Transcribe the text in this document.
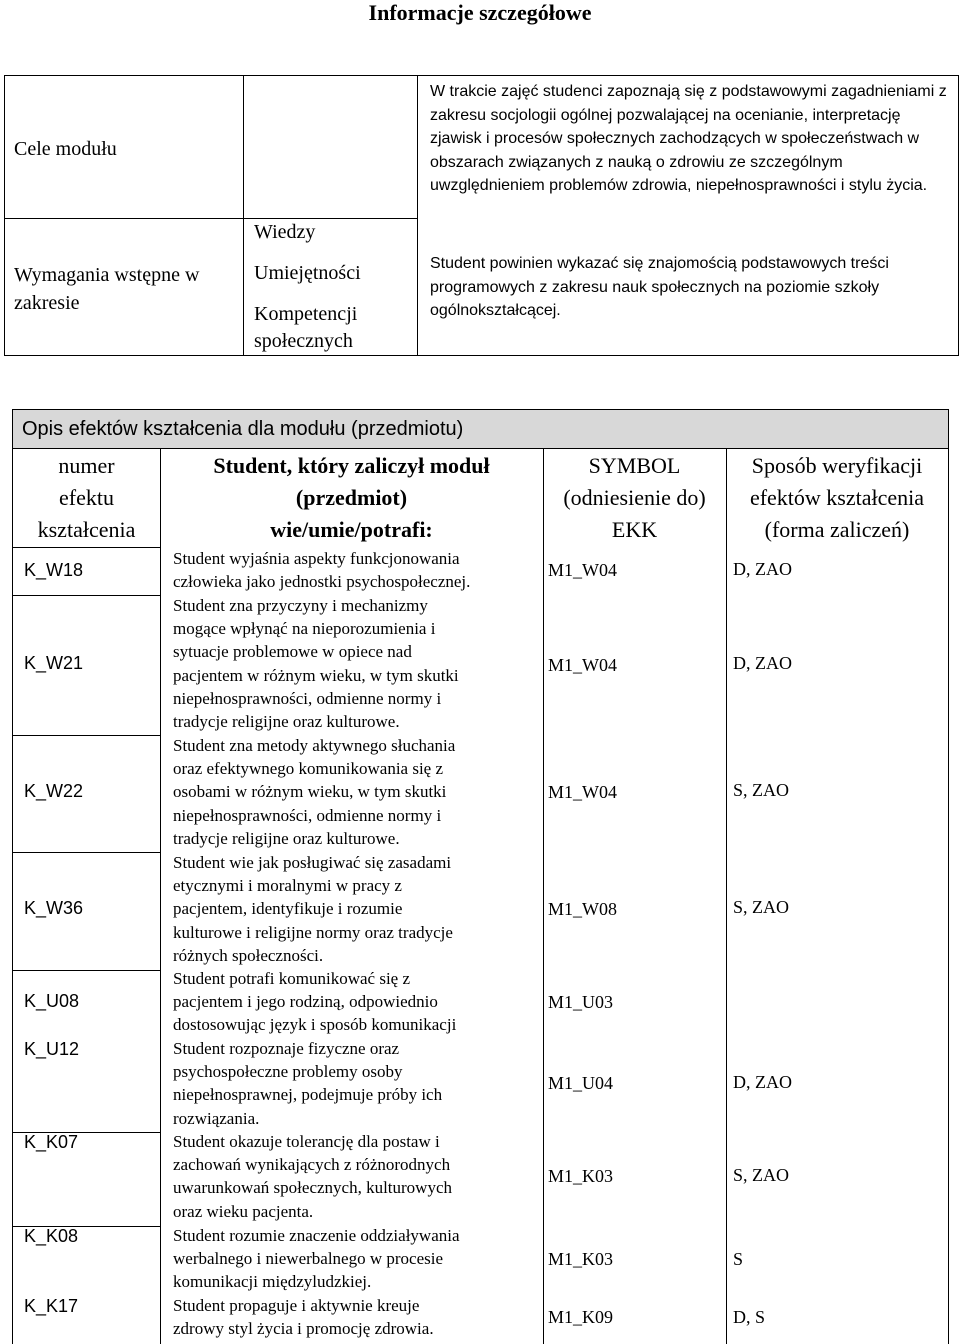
Informacje szczegółowe
Cele modułu
W trakcie zajęć studenci zapoznają się z podstawowymi zagadnieniami z zakresu socjologii ogólnej pozwalającej na ocenianie, interpretację zjawisk i procesów społecznych zachodzących w społeczeństwach w obszarach związanych z nauką o zdrowiu ze szczególnym uwzględnieniem problemów zdrowia, niepełnosprawności i stylu życia.
Wymagania wstępne w zakresie
Wiedzy
Umiejętności
Kompetencji społecznych
Student powinien wykazać się znajomością podstawowych treści programowych z zakresu nauk społecznych na poziomie szkoły ogólnokształcącej.
Opis efektów kształcenia dla modułu (przedmiotu)
numer
efektu
kształcenia
Student, który zaliczył moduł
(przedmiot)
wie/umie/potrafi:
SYMBOL
(odniesienie do)
EKK
Sposób weryfikacji
efektów kształcenia
(forma zaliczeń)
K_W18
Student wyjaśnia aspekty funkcjonowania
człowieka jako jednostki psychospołecznej.
M1_W04	D, ZAO
K_W21
Student zna przyczyny i mechanizmy
mogące wpłynąć na nieporozumienia i
sytuacje problemowe w opiece nad
pacjentem w różnym wieku, w tym skutki
niepełnosprawności, odmienne normy i
tradycje religijne oraz kulturowe.
M1_W04	D, ZAO
K_W22
Student zna metody aktywnego słuchania
oraz efektywnego komunikowania się z
osobami w różnym wieku, w tym skutki
niepełnosprawności, odmienne normy i
tradycje religijne oraz kulturowe.
M1_W04	S, ZAO
K_W36
Student wie jak posługiwać się zasadami
etycznymi i moralnymi w pracy z
pacjentem, identyfikuje i rozumie
kulturowe i religijne normy oraz tradycje
różnych społeczności.
M1_W08	S, ZAO
K_U08
Student potrafi komunikować się z
pacjentem i jego rodziną, odpowiednio
dostosowując język i sposób komunikacji
M1_U03
K_U12	Student rozpoznaje fizyczne oraz
psychospołeczne problemy osoby
niepełnosprawnej, podejmuje próby ich
rozwiązania.
M1_U04	D, ZAO
K_K07	Student okazuje tolerancję dla postaw i
zachowań wynikających z różnorodnych
uwarunkowań społecznych, kulturowych
oraz wieku pacjenta.
M1_K03	S, ZAO
K_K08	Student rozumie znaczenie oddziaływania
werbalnego i niewerbalnego w procesie
komunikacji międzyludzkiej.
M1_K03	S
K_K17	Student propaguje i aktywnie kreuje
zdrowy styl życia i promocję zdrowia.
M1_K09	D, S
